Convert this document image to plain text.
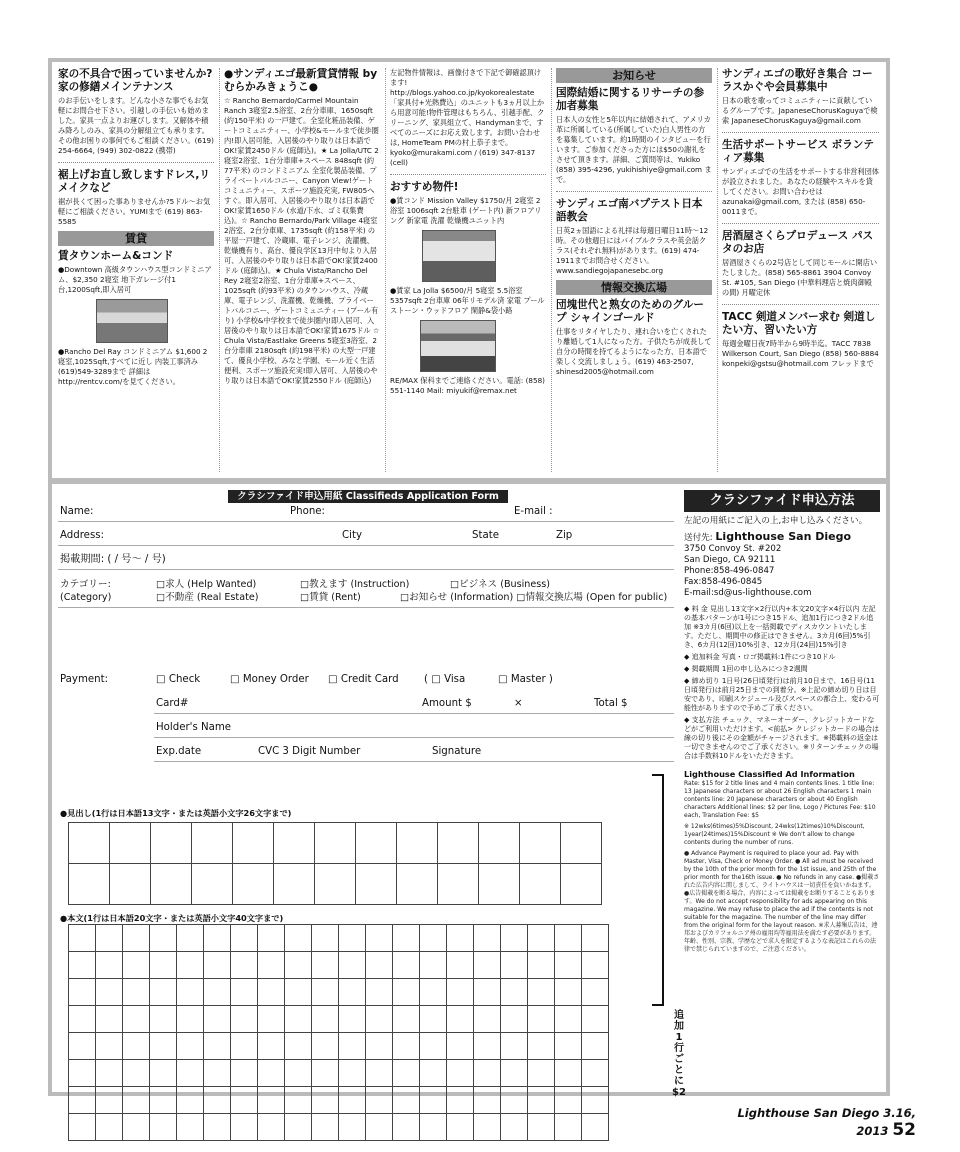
家の不具合で困っていませんか?家の修繕メインテナンス
のお手伝いをします。どんな小さな事でもお気軽にお問合せ下さい。引越しの手伝いも始めました。家具一点よりお運びします。又解体や積み降ろしのみ、家具の分解組立ても承ります。その他お困りの事何でもご相談ください。(619) 254-6664, (949) 302-0822 (携帯)
裾上げお直し致しますドレス,リメイクなど
裾が長くて困った事ありませんか?5ドル〜お気軽にご相談ください。YUMIまで (619) 863-5585
賃貸
賃タウンホーム&コンド
●Downtown 高級タウンハウス型コンドミニアム、$2,350 2寝室 地下ガレージ付1台,1200Sqft,即入居可
●Rancho Del Ray コンドミニアム $1,600 2寝室,1025Sqft,すべてに近し 内装工事済み (619)549-3289まで 詳細は http://rentcv.com/を見てください。
●サンディエゴ最新賃貸情報 by むらかみきょうこ●
☆ Rancho Bernardo/Carmel Mountain Ranch 3寝室2.5浴室、2台分車庫、1650sqft (約150平米) の一戸建て。全室化粧品装備、ゲートコミュニティー、小学校&モールまで徒歩圏内!即入居可能、入居後のやり取りは日本語でOK!家賃2450ドル (庭師込)。★ La Jolla/UTC 2寝室2浴室、1台分車庫+スペース 848sqft (約77平米) のコンドミニアム 全室化製品装備、プライベートバルコニー、Canyon View!ゲートコミュニティー、スポーツ施設充実, FW805へすぐ。即入居可、入居後のやり取りは日本語でOK!家賃1650ドル (水道/下水、ゴミ収集費込)。☆ Rancho Bernardo/Park Village 4寝室2浴室、2台分車庫、1735sqft (約158平米) の平屋一戸建て、冷蔵庫、電子レンジ、洗濯機、乾燥機有り、高台、優良学区13月中旬より入居可、入居後のやり取りは日本語でOK!家賃2400ドル (庭師込)。★ Chula Vista/Rancho Del Rey 2寝室2浴室、1台分車庫+スペース、1025sqft (約93平米) のタウンハウス、冷蔵庫、電子レンジ、洗濯機、乾燥機、プライベートバルコニー、ゲートコミュニティー (プール有り) 小学校&中学校まで徒歩圏内!即入居可、入居後のやり取りは日本語でOK!家賃1675ドル ☆ Chula Vista/Eastlake Greens 5寝室3浴室、2台分車庫 2180sqft (約198平米) の大型一戸建て、優良小学校、みなと学園、モール近く生活便利、スポーツ施設充実!即入居可、入居後のやり取りは日本語でOK!家賃2550ドル (庭師込)
左記物件情報は、画像付きで下記で御確認頂けます! http://blogs.yahoo.co.jp/kyokorealestate 「家具付+光熱費込」のユニットも3ヵ月以上から用意可能!物件管理はもちろん、引越手配、クリーニング、家具組立て、Handymanまで、すべてのニーズにお応え致します。お問い合わせは, HomeTeam PMの村上恭子まで。kyoko@murakami.com / (619) 347-8137 (cell)
おすすめ物件!
●賃コンド Mission Valley $1750/月 2寝室 2浴室 1006sqft 2台駐車 (ゲート内) 新フロアリング 新家電 洗濯 乾燥機ユニット内
●賃家 La Jolla $6500/月 5寝室 5.5浴室 5357sqft 2台車庫 06年リモデル済 家電 プール ストーン・ウッドフロア 閑静&袋小路
RE/MAX 保科までご連絡ください。電話: (858) 551-1140 Mail: miyukif@remax.net
お知らせ
国際結婚に関するリサーチの参加者募集
日本人の女性と5年以内に結婚されて、アメリカ革に所属している(所属していた)白人男性の方を募集しています。約1時間のインタビューを行います。ご参加くださった方には$50の謝礼をさせて頂きます。詳細、ご質問等は、Yukiko (858) 395-4296, yukihishiye@gmail.com まで。
サンディエゴ南バプテスト日本語教会
日英2ヵ国語による礼拝は毎週日曜日11時〜12時。その他週日にはバイブルクラスや英会話クラス(それぞれ無料)があります。(619) 474-1911までお問合せください。www.sandiegojapanesebc.org
情報交換広場
団塊世代と熟女のためのグループ シャインゴールド
仕事をリタイヤしたり、連れ合いを亡くされたり離婚して1人になった方。子供たちが成長して自分の時間を持てるようになった方、日本語で楽しく交流しましょう。(619) 463-2507, shinesd2005@hotmail.com
サンディエゴの歌好き集合 コーラスかぐや会員募集中
日本の歌を歌ってコミュニティーに貢献しているグループです。JapaneseChorusKaguyaで検索 JapaneseChorusKaguya@gmail.com
生活サポートサービス ボランティア募集
サンディエゴでの生活をサポートする非営利団体が設立されました。あなたの経験やスキルを貸してください。お問い合わせはazunakai@gmail.com, または (858) 650-0011まで。
居酒屋さくらプロデュース パスタのお店
居酒屋さくらの2号店として同じモールに開店いたしました。(858) 565-8861 3904 Convoy St. #105, San Diego (中華料理店と焼肉御殿の間) 月曜定休
TACC 剣道メンバー求む 剣道したい方、習いたい方
毎週金曜日夜7時半から9時半迄。TACC 7838 Wilkerson Court, San Diego (858) 560-8884 konpeki@gstsu@hotmail.com フレッドまで
クラシファイド申込用紙 Classifieds Application Form
Name:	Phone:	E-mail :
Address:	City	State	Zip
掲載期間: ( / 号〜 / 号)
カテゴリー:
(Category)
□求人 (Help Wanted)	□教えます (Instruction)	□ビジネス (Business)
□不動産 (Real Estate)	□賃貸 (Rent)	□お知らせ (Information) □情報交換広場 (Open for public)
Payment:	□ Check	□ Money Order □ Credit Card ( □ Visa	□ Master )
Card#	Amount $	×	Total $
Holder's Name
Exp.date	CVC 3 Digit Number	Signature
●見出し(1行は日本語13文字・または英語小文字26文字まで)
●本文(1行は日本語20文字・または英語小文字40文字まで)
追加1行ごとに$2
クラシファイド申込方法
左記の用紙にご記入の上,お申し込みください。
送付先: Lighthouse San Diego
3750 Convoy St. #202
San Diego, CA 92111
Phone:858-496-0847
Fax:858-496-0845
E-mail:sd@us-lighthouse.com
◆ 料 金 見出し13文字×2行以内+本文20文字×4行以内 左記の基本パターンが1号につき15ドル、追加1行につき2ドル追加 ※3カ月(6回)以上を一括掲載でディスカウントいたします。ただし、期間中の修正はできません。3カ月(6回)5%引き、6カ月(12回)10%引き、12カ月(24回)15%引き
◆ 追加料金 写真・ロゴ掲載料:1件につき10ドル
◆ 掲載期間 1回の申し込みにつき2週間
◆ 締め切り 1日号(26日頃発行)は前月10日まで、16日号(11日頃発行)は前月25日までの到着分。※上記の締め切り日は目安であり、印刷スケジュール及びスペースの都合上、変わる可能性がありますので予めご了承ください。
◆ 支払方法 チェック、マネーオーダー、クレジットカードなどがご利用いただけます。<前払> クレジットカードの場合は線の切り後にその金額がチャージされます。※掲載料の返金は一切できませんのでご了承ください。※リターンチェックの場合は手数料10ドルをいただきます。
Lighthouse Classified Ad Information
Rate: $15 for 2 title lines and 4 main contents lines. 1 title line: 13 Japanese characters or about 26 English characters 1 main contents line: 20 Japanese characters or about 40 English characters Additional lines: $2 per line, Logo / Pictures Fee: $10 each, Translation Fee: $5
※ 12wks(6times)5%Discount, 24wks(12times)10%Discount, 1year(24times)15%Discount ※ We don't allow to change contents during the number of runs.
● Advance Payment is required to place your ad. Pay with Master, Visa, Check or Money Order. ● All ad must be received by the 10th of the prior month for the 1st issue, and 25th of the prior month for the16th issue. ● No refunds in any case. ●掲載された広告内容に関しまして、ライトハウスは一切責任を負いかねます。●広告掲載を断る場合、内容によっては掲載をお断りすることもあります。We do not accept responsibility for ads appearing on this magazine. We may refuse to place the ad if the contents is not suitable for the magazine. The number of the line may differ from the original form for the layout reason. ※求人募集広告は、連邦およびカリフォルニア州の雇用均等雇用法を満たす必要があります。年齢、性別、宗教、学歴などで求人を限定するような表記はこれらの法律で禁じられていますので、ご注意ください。
Lighthouse San Diego 3.16, 2013 52
